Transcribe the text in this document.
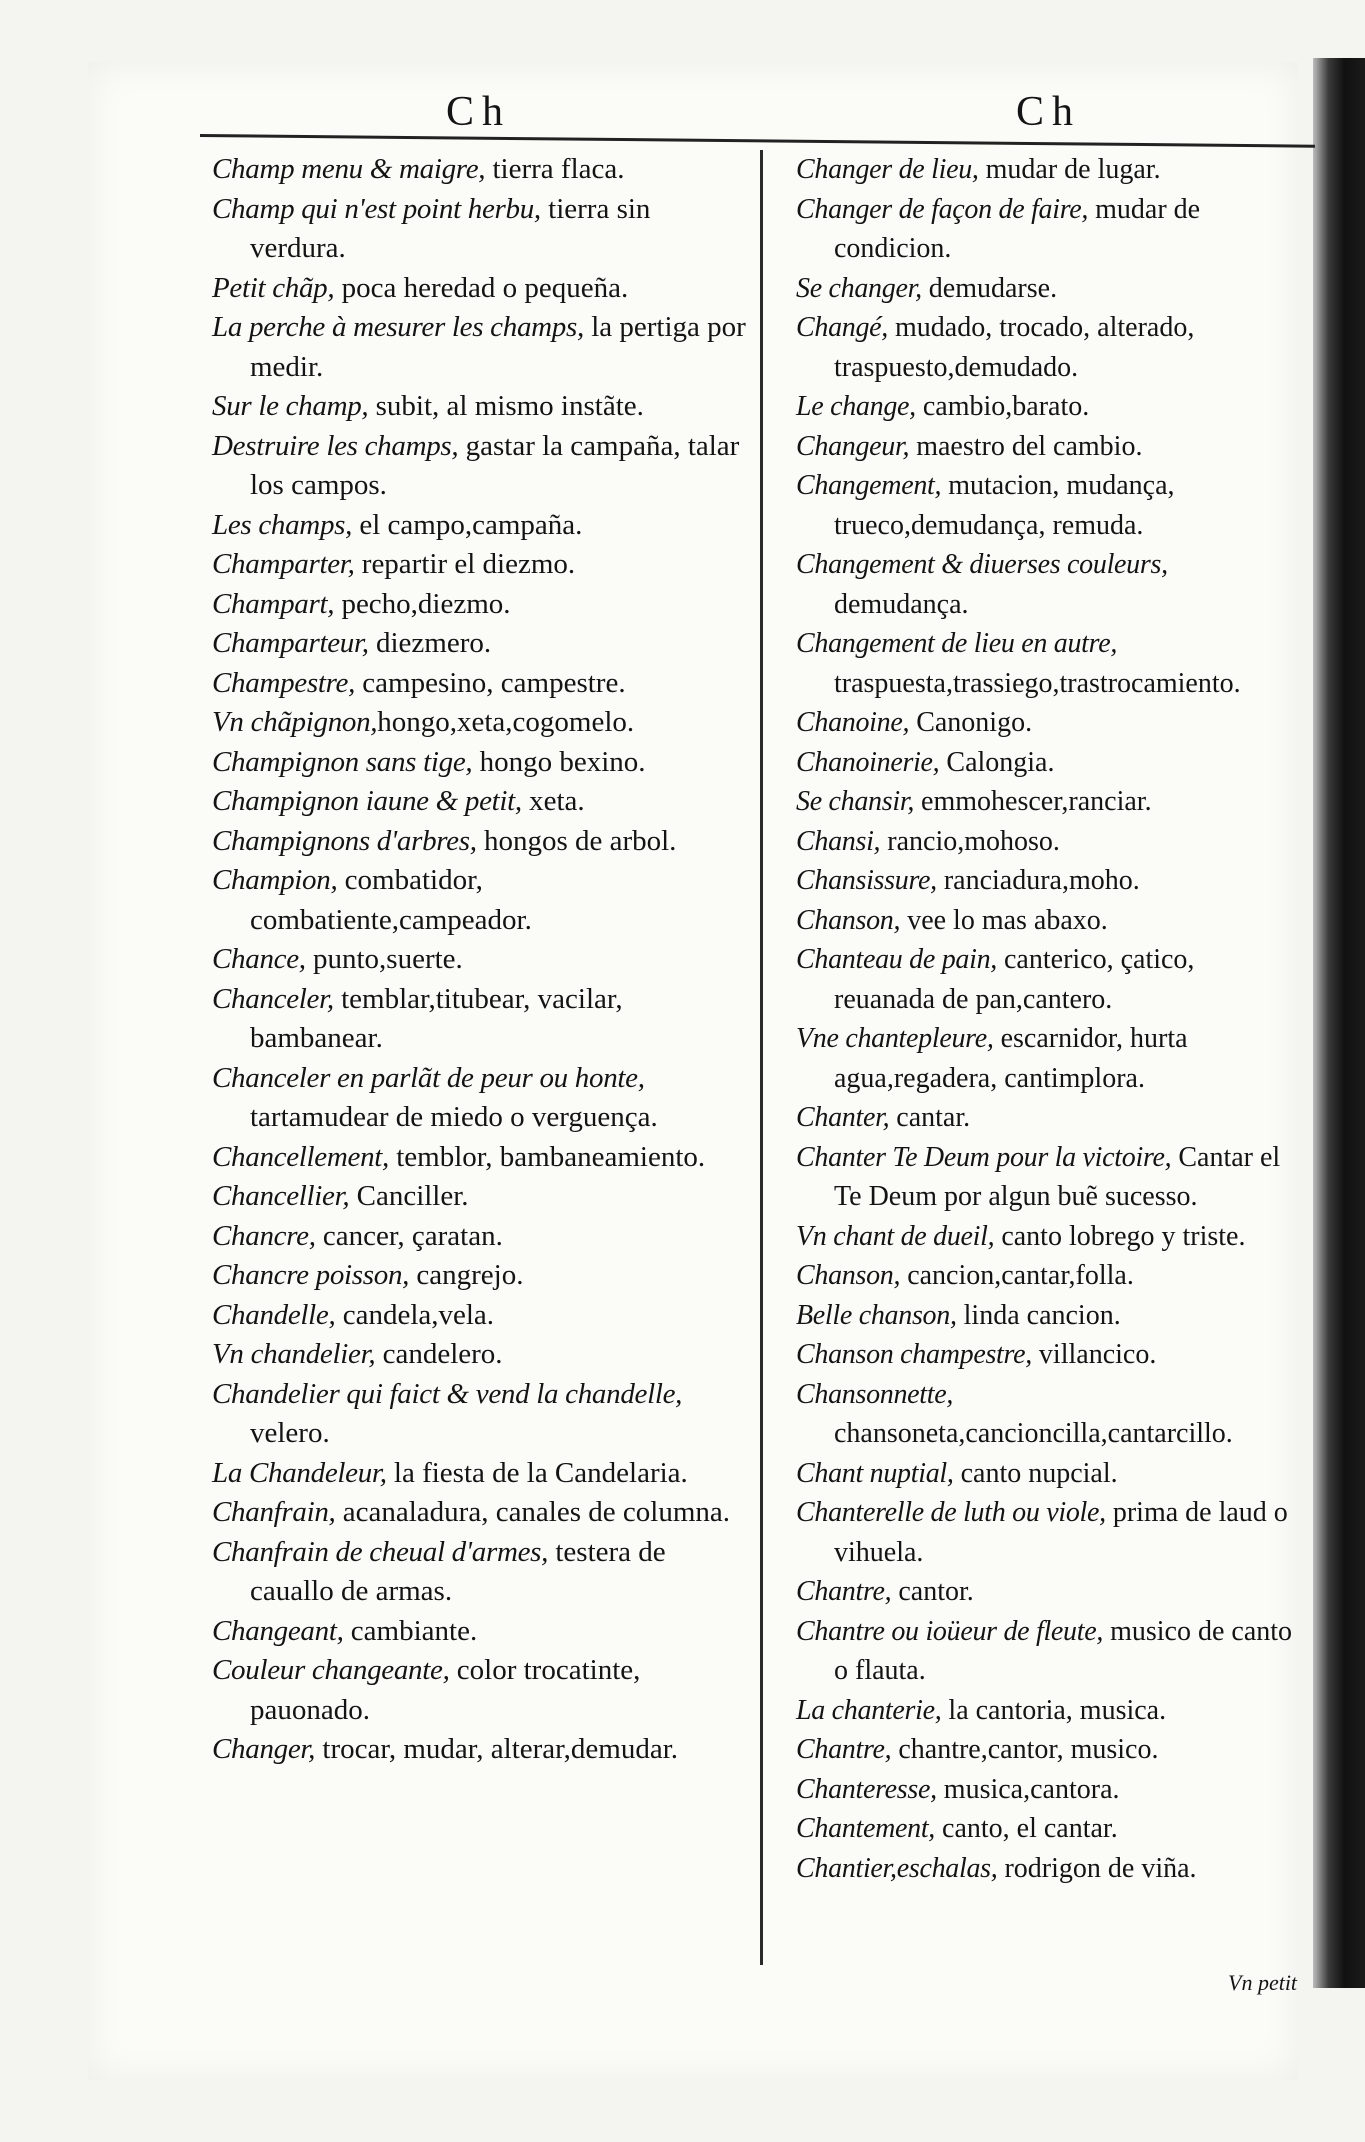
Ch	Ch
Champ menu & maigre, tierra flaca.
Champ qui n'est point herbu, tierra sin verdura.
Petit chãp, poca heredad o pequeña.
La perche à mesurer les champs, la pertiga por medir.
Sur le champ, subit, al mismo instãte.
Destruire les champs, gastar la campaña, talar los campos.
Les champs, el campo,campaña.
Champarter, repartir el diezmo.
Champart, pecho,diezmo.
Champarteur, diezmero.
Champestre, campesino, campestre.
Vn chãpignon,hongo,xeta,cogomelo.
Champignon sans tige, hongo bexino.
Champignon iaune & petit, xeta.
Champignons d'arbres, hongos de arbol.
Champion, combatidor, combatiente,campeador.
Chance, punto,suerte.
Chanceler, temblar,titubear, vacilar, bambanear.
Chanceler en parlãt de peur ou honte, tartamudear de miedo o verguença.
Chancellement, temblor, bambaneamiento.
Chancellier, Canciller.
Chancre, cancer, çaratan.
Chancre poisson, cangrejo.
Chandelle, candela,vela.
Vn chandelier, candelero.
Chandelier qui faict & vend la chandelle, velero.
La Chandeleur, la fiesta de la Candelaria.
Chanfrain, acanaladura, canales de columna.
Chanfrain de cheual d'armes, testera de cauallo de armas.
Changeant, cambiante.
Couleur changeante, color trocatinte, pauonado.
Changer, trocar, mudar, alterar,demudar.
Changer de lieu, mudar de lugar.
Changer de façon de faire, mudar de condicion.
Se changer, demudarse.
Changé, mudado, trocado, alterado, traspuesto,demudado.
Le change, cambio,barato.
Changeur, maestro del cambio.
Changement, mutacion, mudança, trueco,demudança, remuda.
Changement & diuerses couleurs, demudança.
Changement de lieu en autre, traspuesta,trassiego,trastrocamiento.
Chanoine, Canonigo.
Chanoinerie, Calongia.
Se chansir, emmohescer,ranciar.
Chansi, rancio,mohoso.
Chansissure, ranciadura,moho.
Chanson, vee lo mas abaxo.
Chanteau de pain, canterico, çatico, reuanada de pan,cantero.
Vne chantepleure, escarnidor, hurta agua,regadera, cantimplora.
Chanter, cantar.
Chanter Te Deum pour la victoire, Cantar el Te Deum por algun buẽ sucesso.
Vn chant de dueil, canto lobrego y triste.
Chanson, cancion,cantar,folla.
Belle chanson, linda cancion.
Chanson champestre, villancico.
Chansonnette, chansoneta,cancioncilla,cantarcillo.
Chant nuptial, canto nupcial.
Chanterelle de luth ou viole, prima de laud o vihuela.
Chantre, cantor.
Chantre ou ioüeur de fleute, musico de canto o flauta.
La chanterie, la cantoria, musica.
Chantre, chantre,cantor, musico.
Chanteresse, musica,cantora.
Chantement, canto, el cantar.
Chantier,eschalas, rodrigon de viña.
Vn petit
